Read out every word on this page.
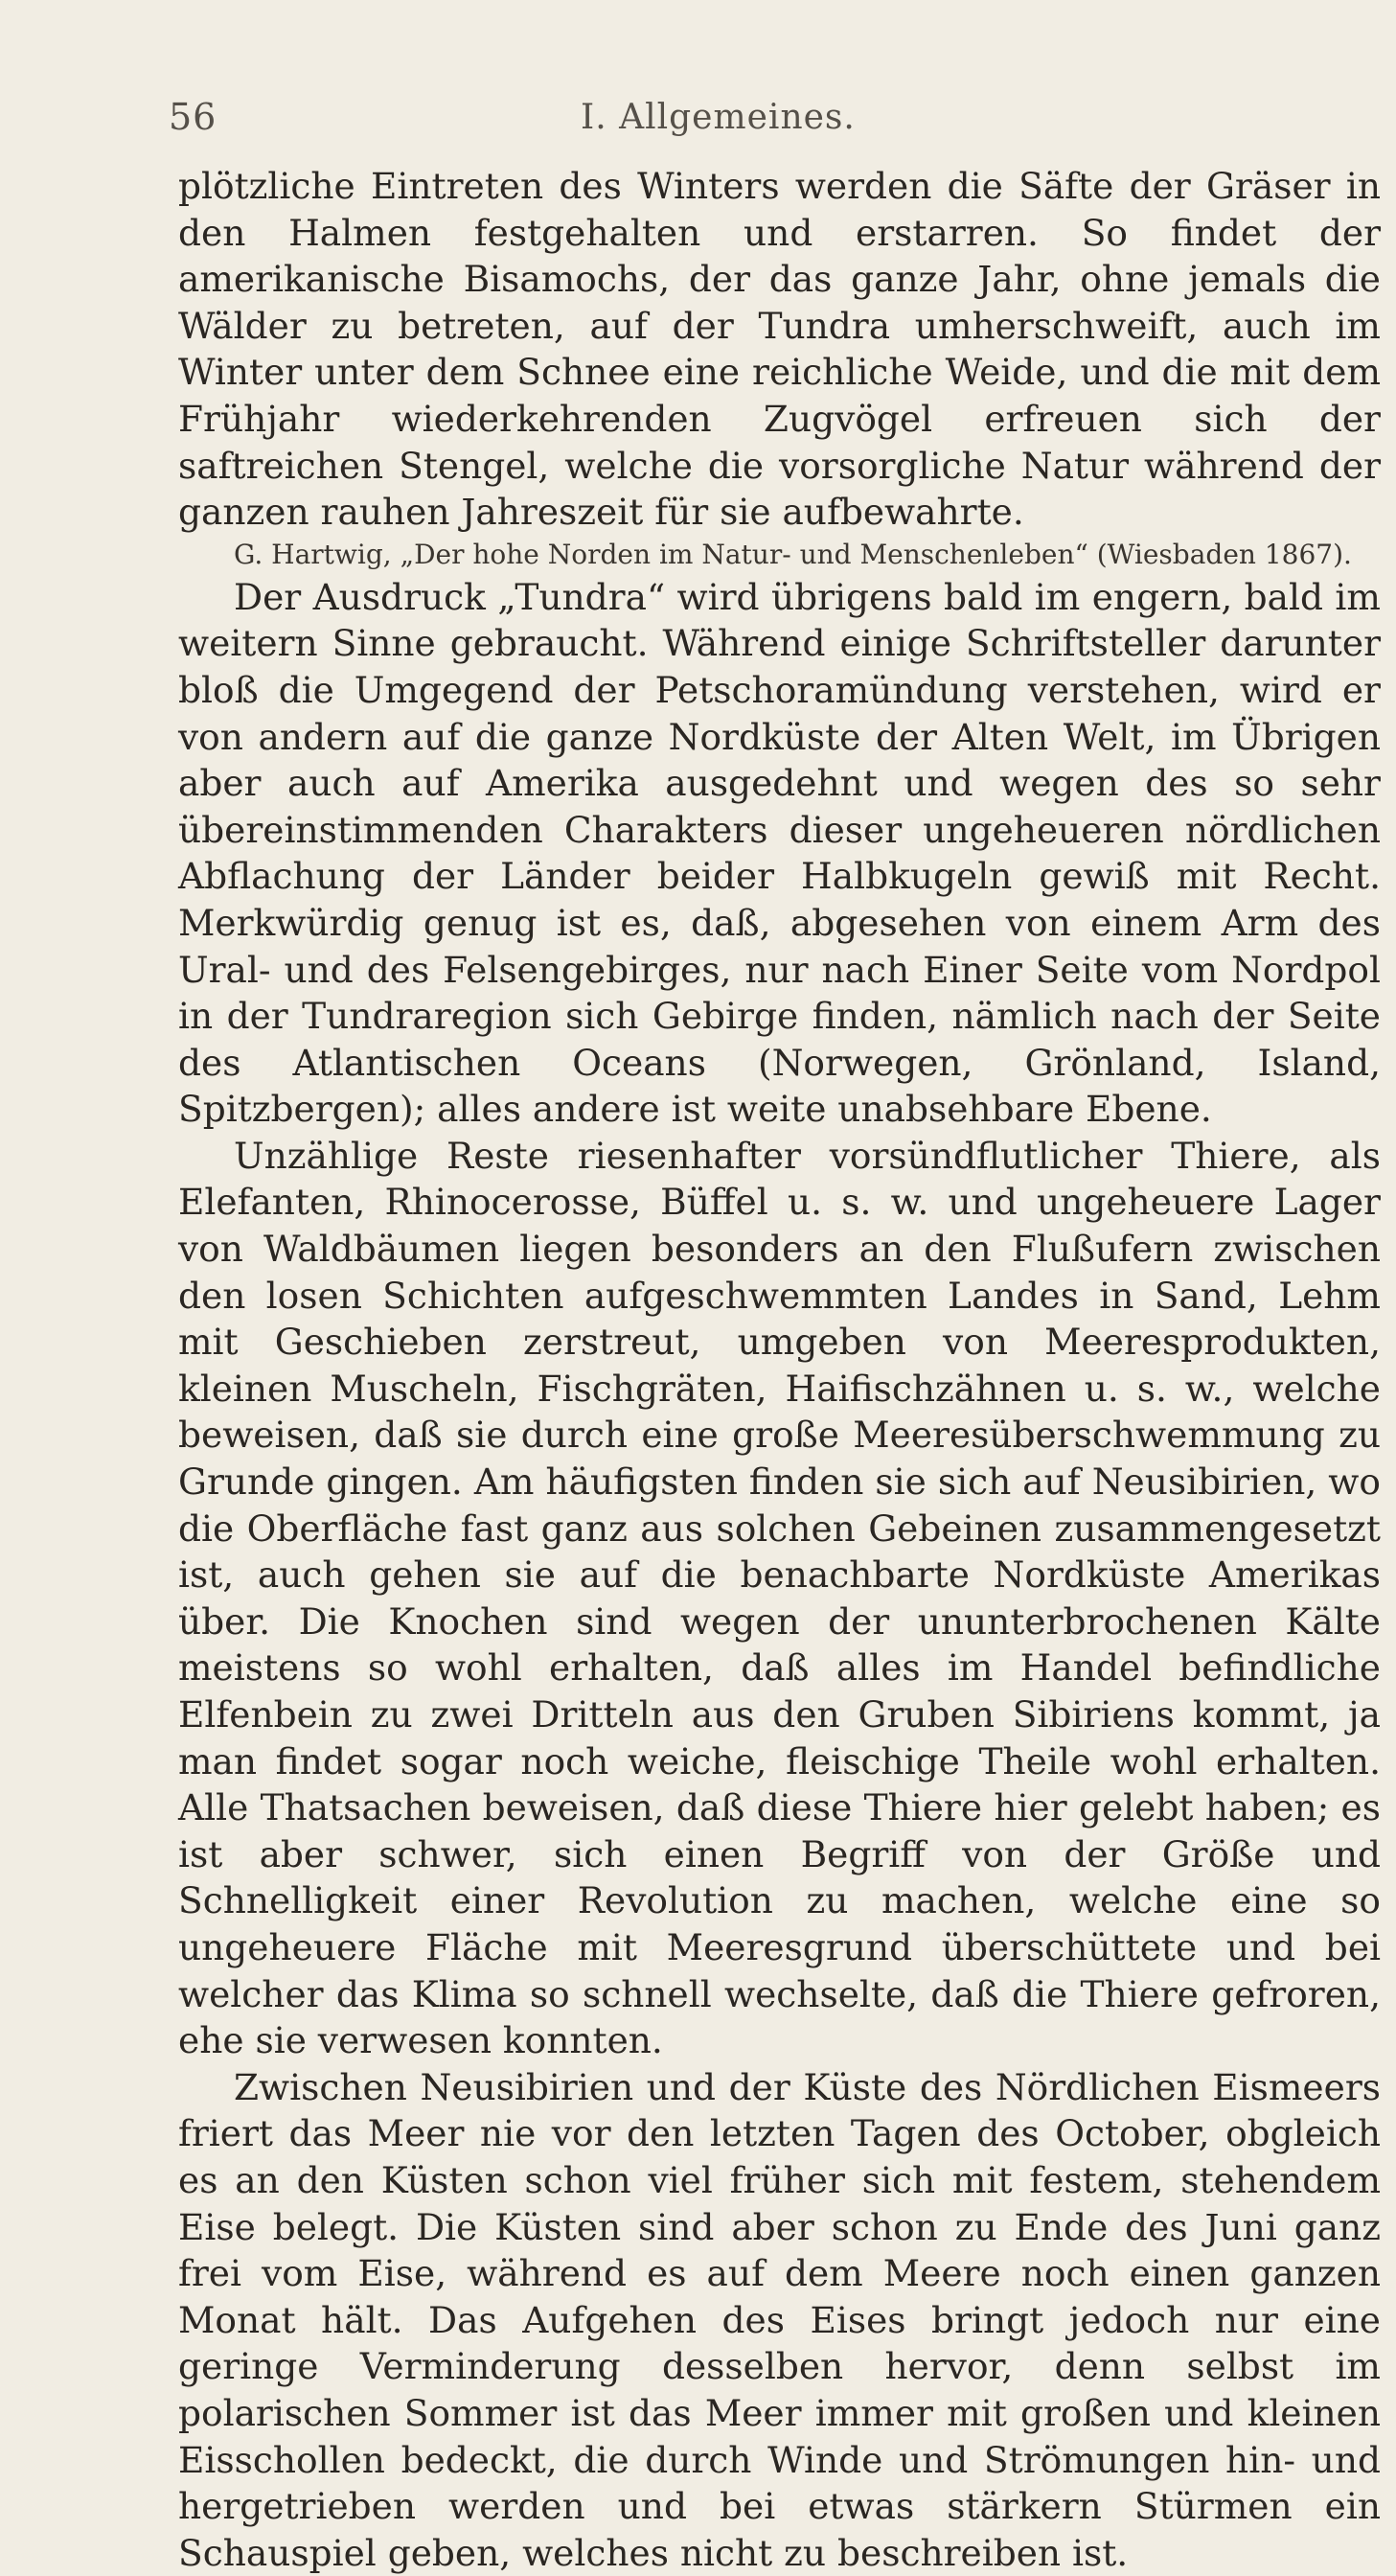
56	I. Allgemeines.

plötzliche Eintreten des Winters werden die Säfte der Gräser in den Halmen festgehalten und erstarren. So findet der amerikanische Bisamochs, der das ganze Jahr, ohne jemals die Wälder zu betreten, auf der Tundra umherschweift, auch im Winter unter dem Schnee eine reichliche Weide, und die mit dem Frühjahr wiederkehrenden Zugvögel erfreuen sich der saftreichen Stengel, welche die vorsorgliche Natur während der ganzen rauhen Jahreszeit für sie aufbewahrte.

G. Hartwig, „Der hohe Norden im Natur- und Menschenleben“ (Wiesbaden 1867).

Der Ausdruck „Tundra“ wird übrigens bald im engern, bald im weitern Sinne gebraucht. Während einige Schriftsteller darunter bloß die Umgegend der Petschoramündung verstehen, wird er von andern auf die ganze Nordküste der Alten Welt, im Übrigen aber auch auf Amerika ausgedehnt und wegen des so sehr übereinstimmenden Charakters dieser ungeheueren nördlichen Abflachung der Länder beider Halbkugeln gewiß mit Recht. Merkwürdig genug ist es, daß, abgesehen von einem Arm des Ural- und des Felsengebirges, nur nach Einer Seite vom Nordpol in der Tundraregion sich Gebirge finden, nämlich nach der Seite des Atlantischen Oceans (Norwegen, Grönland, Island, Spitzbergen); alles andere ist weite unabsehbare Ebene.

Unzählige Reste riesenhafter vorsündflutlicher Thiere, als Elefanten, Rhinocerosse, Büffel u. s. w. und ungeheuere Lager von Waldbäumen liegen besonders an den Flußufern zwischen den losen Schichten aufgeschwemmten Landes in Sand, Lehm mit Geschieben zerstreut, umgeben von Meeresprodukten, kleinen Muscheln, Fischgräten, Haifischzähnen u. s. w., welche beweisen, daß sie durch eine große Meeresüberschwemmung zu Grunde gingen. Am häufigsten finden sie sich auf Neusibirien, wo die Oberfläche fast ganz aus solchen Gebeinen zusammengesetzt ist, auch gehen sie auf die benachbarte Nordküste Amerikas über. Die Knochen sind wegen der ununterbrochenen Kälte meistens so wohl erhalten, daß alles im Handel befindliche Elfenbein zu zwei Dritteln aus den Gruben Sibiriens kommt, ja man findet sogar noch weiche, fleischige Theile wohl erhalten. Alle Thatsachen beweisen, daß diese Thiere hier gelebt haben; es ist aber schwer, sich einen Begriff von der Größe und Schnelligkeit einer Revolution zu machen, welche eine so ungeheuere Fläche mit Meeresgrund überschüttete und bei welcher das Klima so schnell wechselte, daß die Thiere gefroren, ehe sie verwesen konnten.

Zwischen Neusibirien und der Küste des Nördlichen Eismeers friert das Meer nie vor den letzten Tagen des October, obgleich es an den Küsten schon viel früher sich mit festem, stehendem Eise belegt. Die Küsten sind aber schon zu Ende des Juni ganz frei vom Eise, während es auf dem Meere noch einen ganzen Monat hält. Das Aufgehen des Eises bringt jedoch nur eine geringe Verminderung desselben hervor, denn selbst im polarischen Sommer ist das Meer immer mit großen und kleinen Eisschollen bedeckt, die durch Winde und Strömungen hin- und hergetrieben werden und bei etwas stärkern Stürmen ein Schauspiel geben, welches nicht zu beschreiben ist.
